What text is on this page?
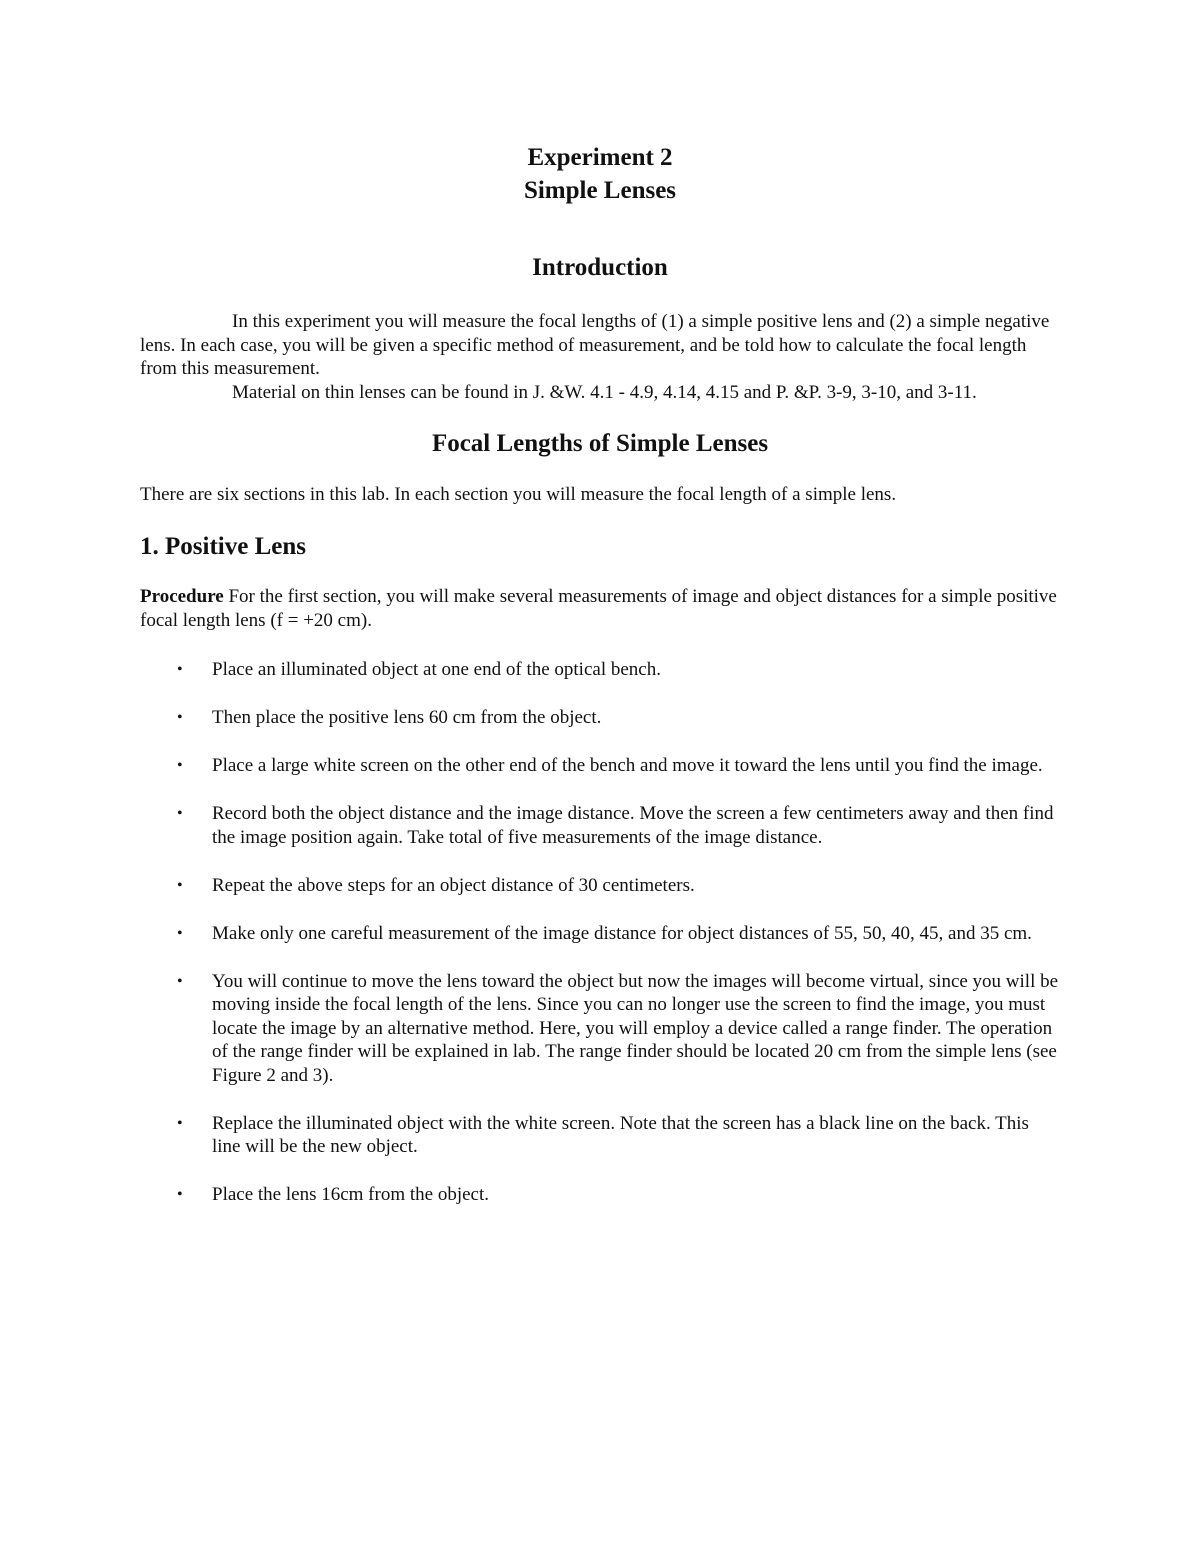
Experiment 2
Simple Lenses
Introduction

In this experiment you will measure the focal lengths of (1) a simple positive lens and (2) a simple negative lens. In each case, you will be given a specific method of measurement, and be told how to calculate the focal length from this measurement.

Material on thin lenses can be found in J. &W. 4.1 - 4.9, 4.14, 4.15 and P. &P. 3-9, 3-10, and 3-11.

Focal Lengths of Simple Lenses

There are six sections in this lab. In each section you will measure the focal length of a simple lens.

1. Positive Lens

Procedure For the first section, you will make several measurements of image and object distances for a simple positive focal length lens (f = +20 cm).

• Place an illuminated object at one end of the optical bench.
• Then place the positive lens 60 cm from the object.
• Place a large white screen on the other end of the bench and move it toward the lens until you find the image.
• Record both the object distance and the image distance. Move the screen a few centimeters away and then find the image position again. Take total of five measurements of the image distance.
• Repeat the above steps for an object distance of 30 centimeters.
• Make only one careful measurement of the image distance for object distances of 55, 50, 40, 45, and 35 cm.
• You will continue to move the lens toward the object but now the images will become virtual, since you will be moving inside the focal length of the lens. Since you can no longer use the screen to find the image, you must locate the image by an alternative method. Here, you will employ a device called a range finder. The operation of the range finder will be explained in lab. The range finder should be located 20 cm from the simple lens (see Figure 2 and 3).
• Replace the illuminated object with the white screen. Note that the screen has a black line on the back. This line will be the new object.
• Place the lens 16cm from the object.
